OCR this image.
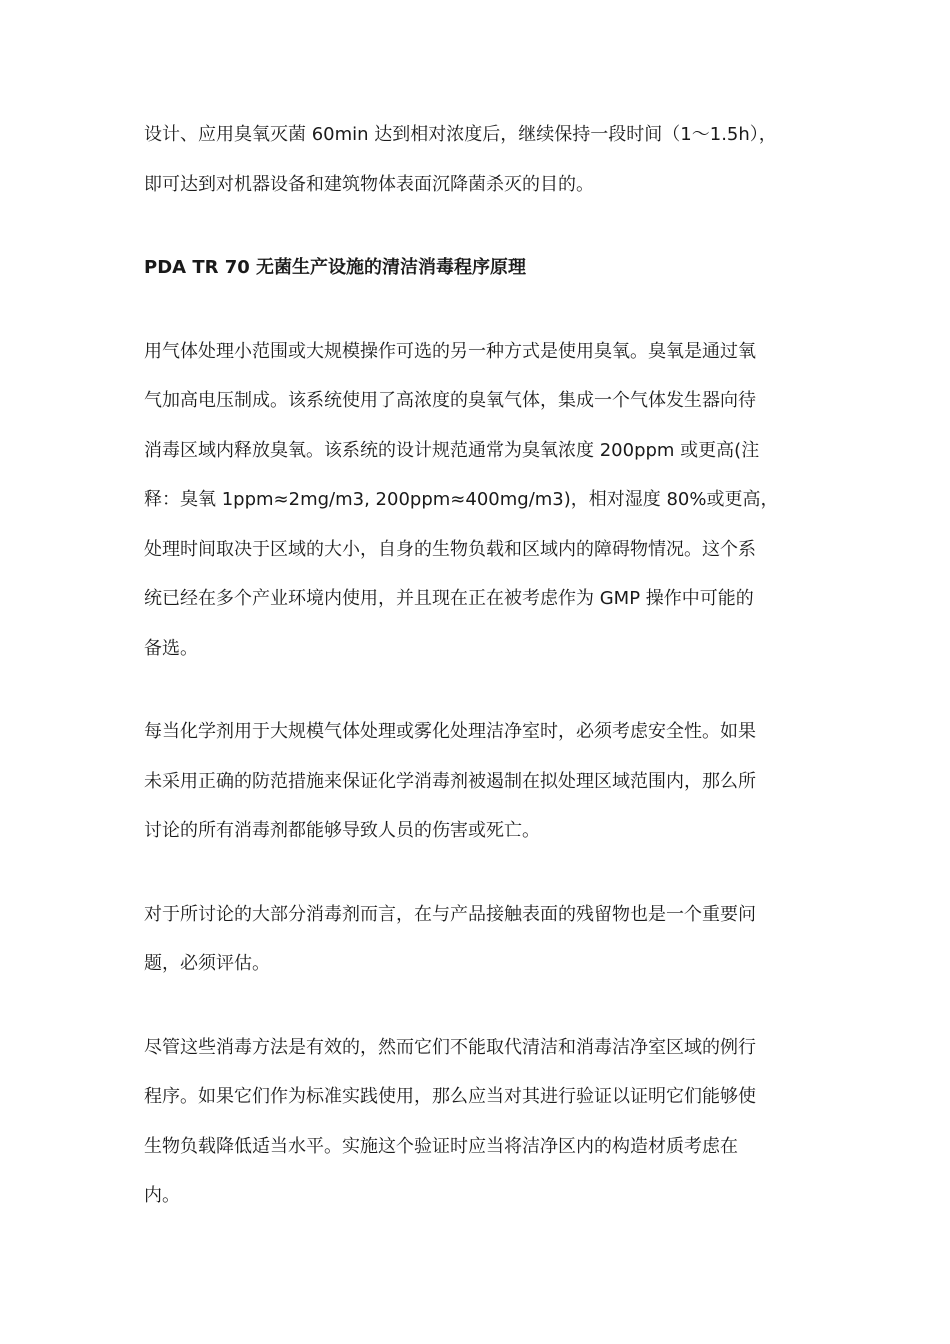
设计、应用臭氧灭菌 60min 达到相对浓度后，继续保持一段时间（1～1.5h），
即可达到对机器设备和建筑物体表面沉降菌杀灭的目的。

PDA TR 70 无菌生产设施的清洁消毒程序原理

用气体处理小范围或大规模操作可选的另一种方式是使用臭氧。臭氧是通过氧
气加高电压制成。该系统使用了高浓度的臭氧气体，集成一个气体发生器向待
消毒区域内释放臭氧。该系统的设计规范通常为臭氧浓度 200ppm 或更高(注
释：臭氧 1ppm≈2mg/m3, 200ppm≈400mg/m3)，相对湿度 80%或更高，
处理时间取决于区域的大小，自身的生物负载和区域内的障碍物情况。这个系
统已经在多个产业环境内使用，并且现在正在被考虑作为 GMP 操作中可能的
备选。

每当化学剂用于大规模气体处理或雾化处理洁净室时，必须考虑安全性。如果
未采用正确的防范措施来保证化学消毒剂被遏制在拟处理区域范围内，那么所
讨论的所有消毒剂都能够导致人员的伤害或死亡。

对于所讨论的大部分消毒剂而言，在与产品接触表面的残留物也是一个重要问
题，必须评估。

尽管这些消毒方法是有效的，然而它们不能取代清洁和消毒洁净室区域的例行
程序。如果它们作为标准实践使用，那么应当对其进行验证以证明它们能够使
生物负载降低适当水平。实施这个验证时应当将洁净区内的构造材质考虑在
内。
